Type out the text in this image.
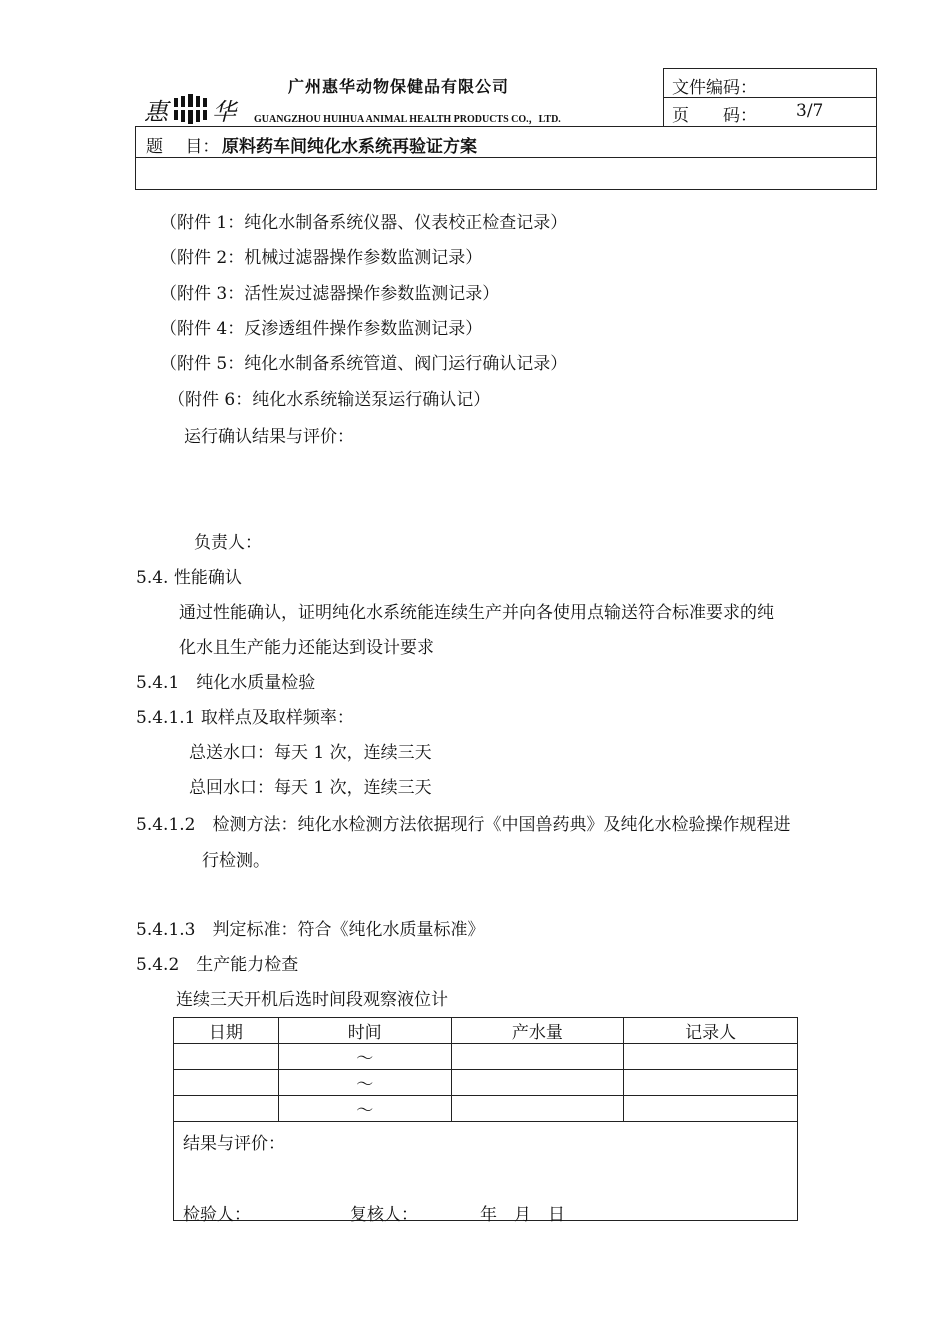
惠 华
广州惠华动物保健品有限公司
GUANGZHOU HUIHUA ANIMAL HEALTH PRODUCTS CO.，LTD.
文件编码：
页　　码： 3/7
题　 目： 原料药车间纯化水系统再验证方案
（附件 1：纯化水制备系统仪器、仪表校正检查记录）
（附件 2：机械过滤器操作参数监测记录）
（附件 3：活性炭过滤器操作参数监测记录）
（附件 4：反渗透组件操作参数监测记录）
（附件 5：纯化水制备系统管道、阀门运行确认记录）
（附件 6：纯化水系统输送泵运行确认记）
运行确认结果与评价：
负责人：
5.4. 性能确认
通过性能确认，证明纯化水系统能连续生产并向各使用点输送符合标准要求的纯
化水且生产能力还能达到设计要求
5.4.1　纯化水质量检验
5.4.1.1 取样点及取样频率：
总送水口：每天 1 次，连续三天
总回水口：每天 1 次，连续三天
5.4.1.2　检测方法：纯化水检测方法依据现行《中国兽药典》及纯化水检验操作规程进
行检测。
5.4.1.3　判定标准：符合《纯化水质量标准》
5.4.2　生产能力检查
连续三天开机后选时间段观察液位计
日期	时间	产水量	记录人
	～		
	～		
	～		

结果与评价：
检验人： 复核人： 年　月　日			
